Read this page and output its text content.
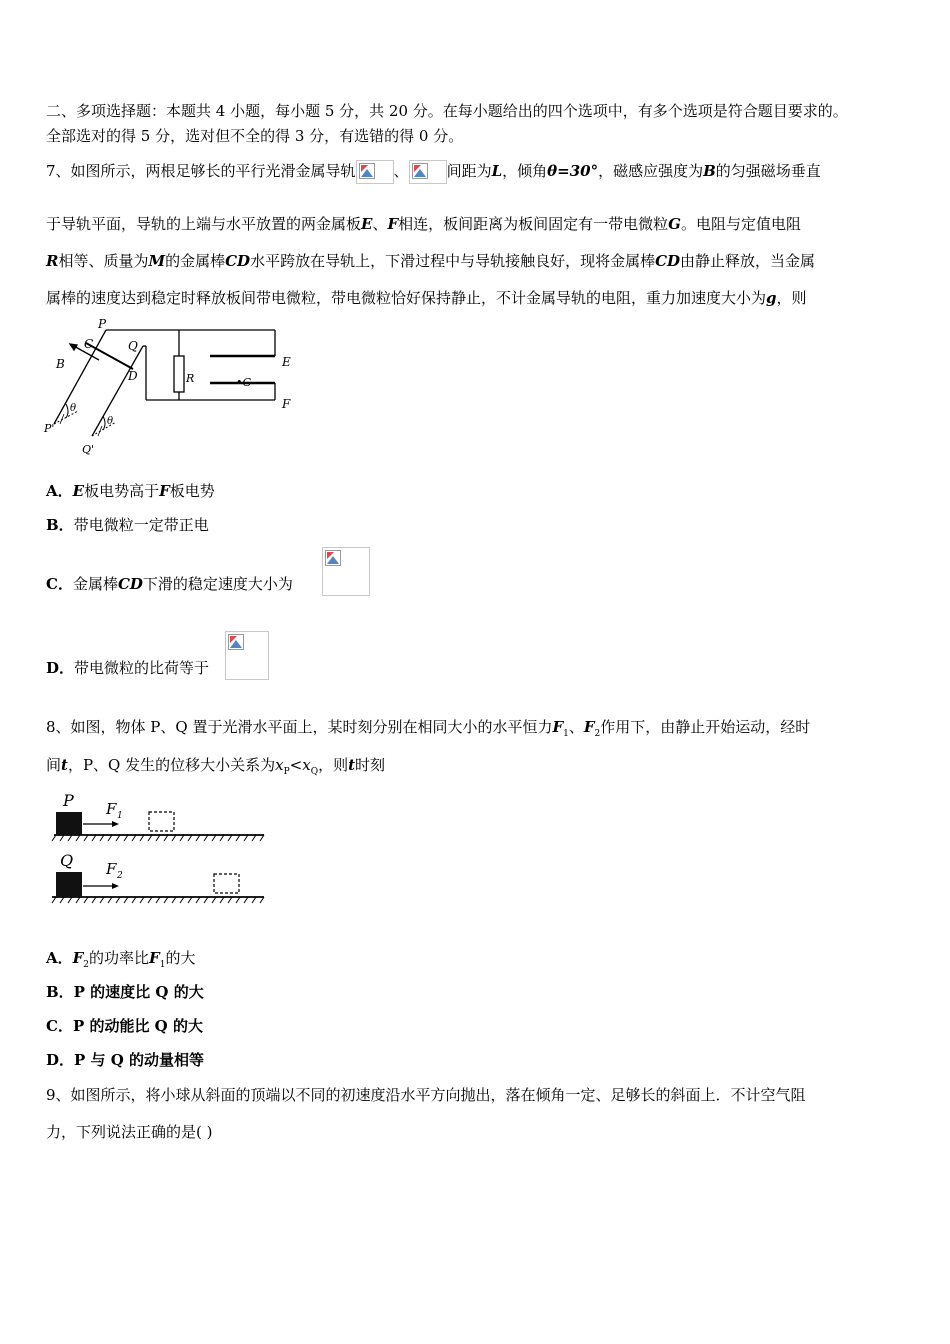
二、多项选择题：本题共 4 小题，每小题 5 分，共 20 分。在每小题给出的四个选项中，有多个选项是符合题目要求的。
全部选对的得 5 分，选对但不全的得 3 分，有选错的得 0 分。
7、如图所示，两根足够长的平行光滑金属导轨	、	间距为L，倾角θ=30°，磁感应强度为B的匀强磁场垂直
于导轨平面，导轨的上端与水平放置的两金属板E、F相连，板间距离为板间固定有一带电微粒G。电阻与定值电阻
R相等、质量为M的金属棒CD水平跨放在导轨上，下滑过程中与导轨接触良好，现将金属棒CD由静止释放，当金属
属棒的速度达到稳定时释放板间带电微粒，带电微粒恰好保持静止，不计金属导轨的电阻，重力加速度大小为g，则
P
C	Q
B
D	R	•G
E
F
P'
Q'
θ
θ
A．E板电势高于F板电势
B．带电微粒一定带正电
C．金属棒CD下滑的稳定速度大小为
D．带电微粒的比荷等于
8、如图，物体 P、Q 置于光滑水平面上，某时刻分别在相同大小的水平恒力$F_1$、$F_2$作用下，由静止开始运动，经时
间t，P、Q 发生的位移大小关系为$x_P<x_Q$，则t时刻
P F 1
Q F 2
A．$F_2$的功率比$F_1$的大
B．P 的速度比 Q 的大
C．P 的动能比 Q 的大
D．P 与 Q 的动量相等
9、如图所示，将小球从斜面的顶端以不同的初速度沿水平方向抛出，落在倾角一定、足够长的斜面上．不计空气阻
力，下列说法正确的是( )
